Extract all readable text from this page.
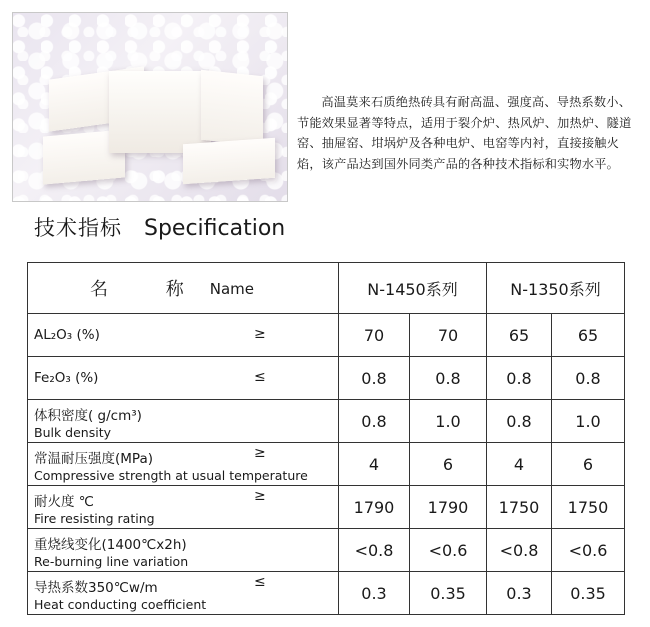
高温莫来石质绝热砖具有耐高温、强度高、导热系数小、节能效果显著等特点，适用于裂介炉、热风炉、加热炉、隧道窑、抽屉窑、坩埚炉及各种电炉、电窑等内衬，直接接触火焰，该产品达到国外同类产品的各种技术指标和实物水平。

技术指标 Specification
名 称 Name	N-1450系列		N-1350系列	

AL₂O₃ (%) ≥	70	70	65	65

Fe₂O₃ (%) ≤	0.8	0.8	0.8	0.8

体积密度( g/cm³)
Bulk density	0.8	1.0	0.8	1.0

常温耐压强度(MPa)
Compressive strength at usual temperature
≥	4	6	4	6

耐火度 ℃
Fire resisting rating
≥	1790	1790	1750	1750

重烧线变化(1400℃x2h)
Re-burning line variation	<0.8	<0.6	<0.8	<0.6

导热系数350℃w/m
Heat conducting coefficient
≤	0.3	0.35	0.3	0.35
